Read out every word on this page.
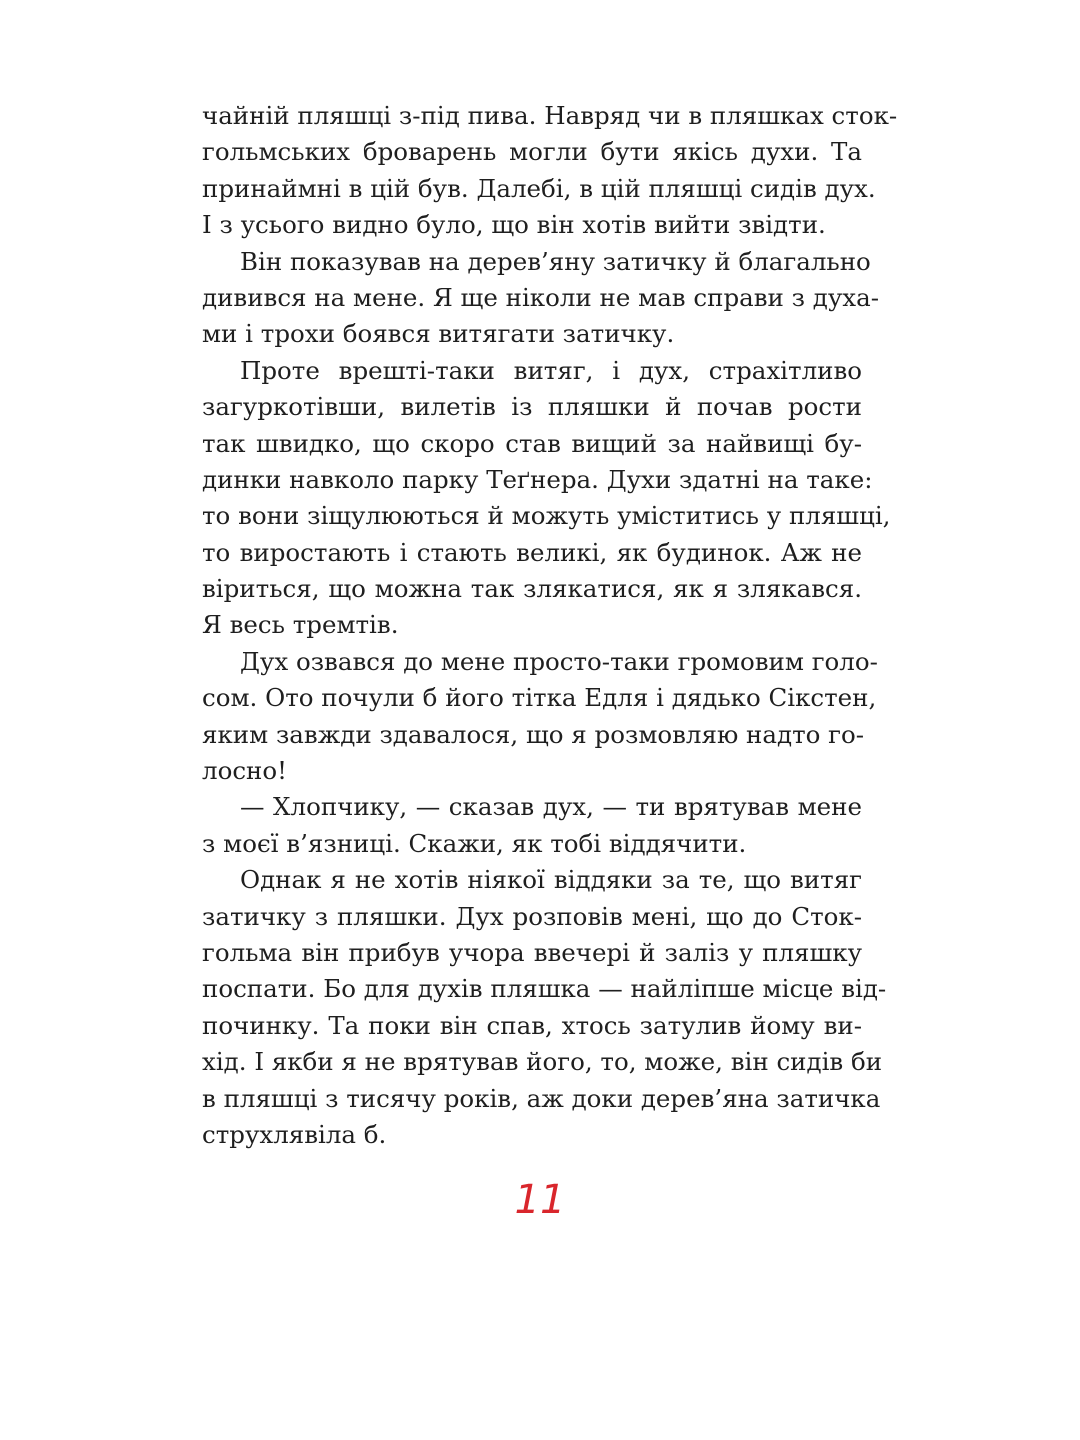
чайній пляшці з-під пива. Навряд чи в пляшках сток-
гольмських броварень могли бути якісь духи. Та
принаймні в цій був. Далебі, в цій пляшці сидів дух.
І з усього видно було, що він хотів вийти звідти.
Він показував на дерев’яну затичку й благально
дивився на мене. Я ще ніколи не мав справи з духа-
ми і трохи боявся витягати затичку.
Проте врешті-таки витяг, і дух, страхітливо
загуркотівши, вилетів із пляшки й почав рости
так швидко, що скоро став вищий за найвищі бу-
динки навколо парку Теґнера. Духи здатні на таке:
то вони зіщулюються й можуть уміститись у пляшці,
то виростають і стають великі, як будинок. Аж не
віриться, що можна так злякатися, як я злякався.
Я весь тремтів.
Дух озвався до мене просто-таки громовим голо-
сом. Ото почули б його тітка Едля і дядько Сікстен,
яким завжди здавалося, що я розмовляю надто го-
лосно!
— Хлопчику, — сказав дух, — ти врятував мене
з моєї в’язниці. Скажи, як тобі віддячити.
Однак я не хотів ніякої віддяки за те, що витяг
затичку з пляшки. Дух розповів мені, що до Сток-
гольма він прибув учора ввечері й заліз у пляшку
поспати. Бо для духів пляшка — найліпше місце від-
починку. Та поки він спав, хтось затулив йому ви-
хід. І якби я не врятував його, то, може, він сидів би
в пляшці з тисячу років, аж доки дерев’яна затичка
струхлявіла б.
11
